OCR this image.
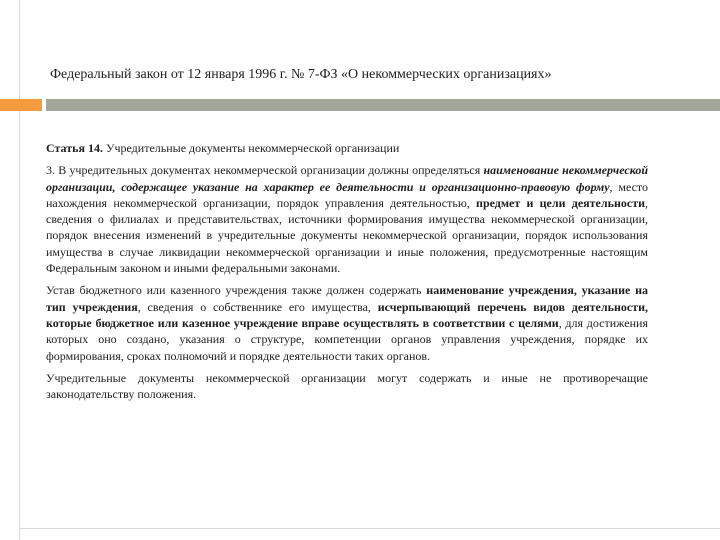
Федеральный закон от 12 января 1996 г. № 7-ФЗ «О некоммерческих организациях»

Статья 14. Учредительные документы некоммерческой организации

3. В учредительных документах некоммерческой организации должны определяться наименование некоммерческой организации, содержащее указание на характер ее деятельности и организационно-правовую форму, место нахождения некоммерческой организации, порядок управления деятельностью, предмет и цели деятельности, сведения о филиалах и представительствах, источники формирования имущества некоммерческой организации, порядок внесения изменений в учредительные документы некоммерческой организации, порядок использования имущества в случае ликвидации некоммерческой организации и иные положения, предусмотренные настоящим Федеральным законом и иными федеральными законами.

Устав бюджетного или казенного учреждения также должен содержать наименование учреждения, указание на тип учреждения, сведения о собственнике его имущества, исчерпывающий перечень видов деятельности, которые бюджетное или казенное учреждение вправе осуществлять в соответствии с целями, для достижения которых оно создано, указания о структуре, компетенции органов управления учреждения, порядке их формирования, сроках полномочий и порядке деятельности таких органов.

Учредительные документы некоммерческой организации могут содержать и иные не противоречащие законодательству положения.
